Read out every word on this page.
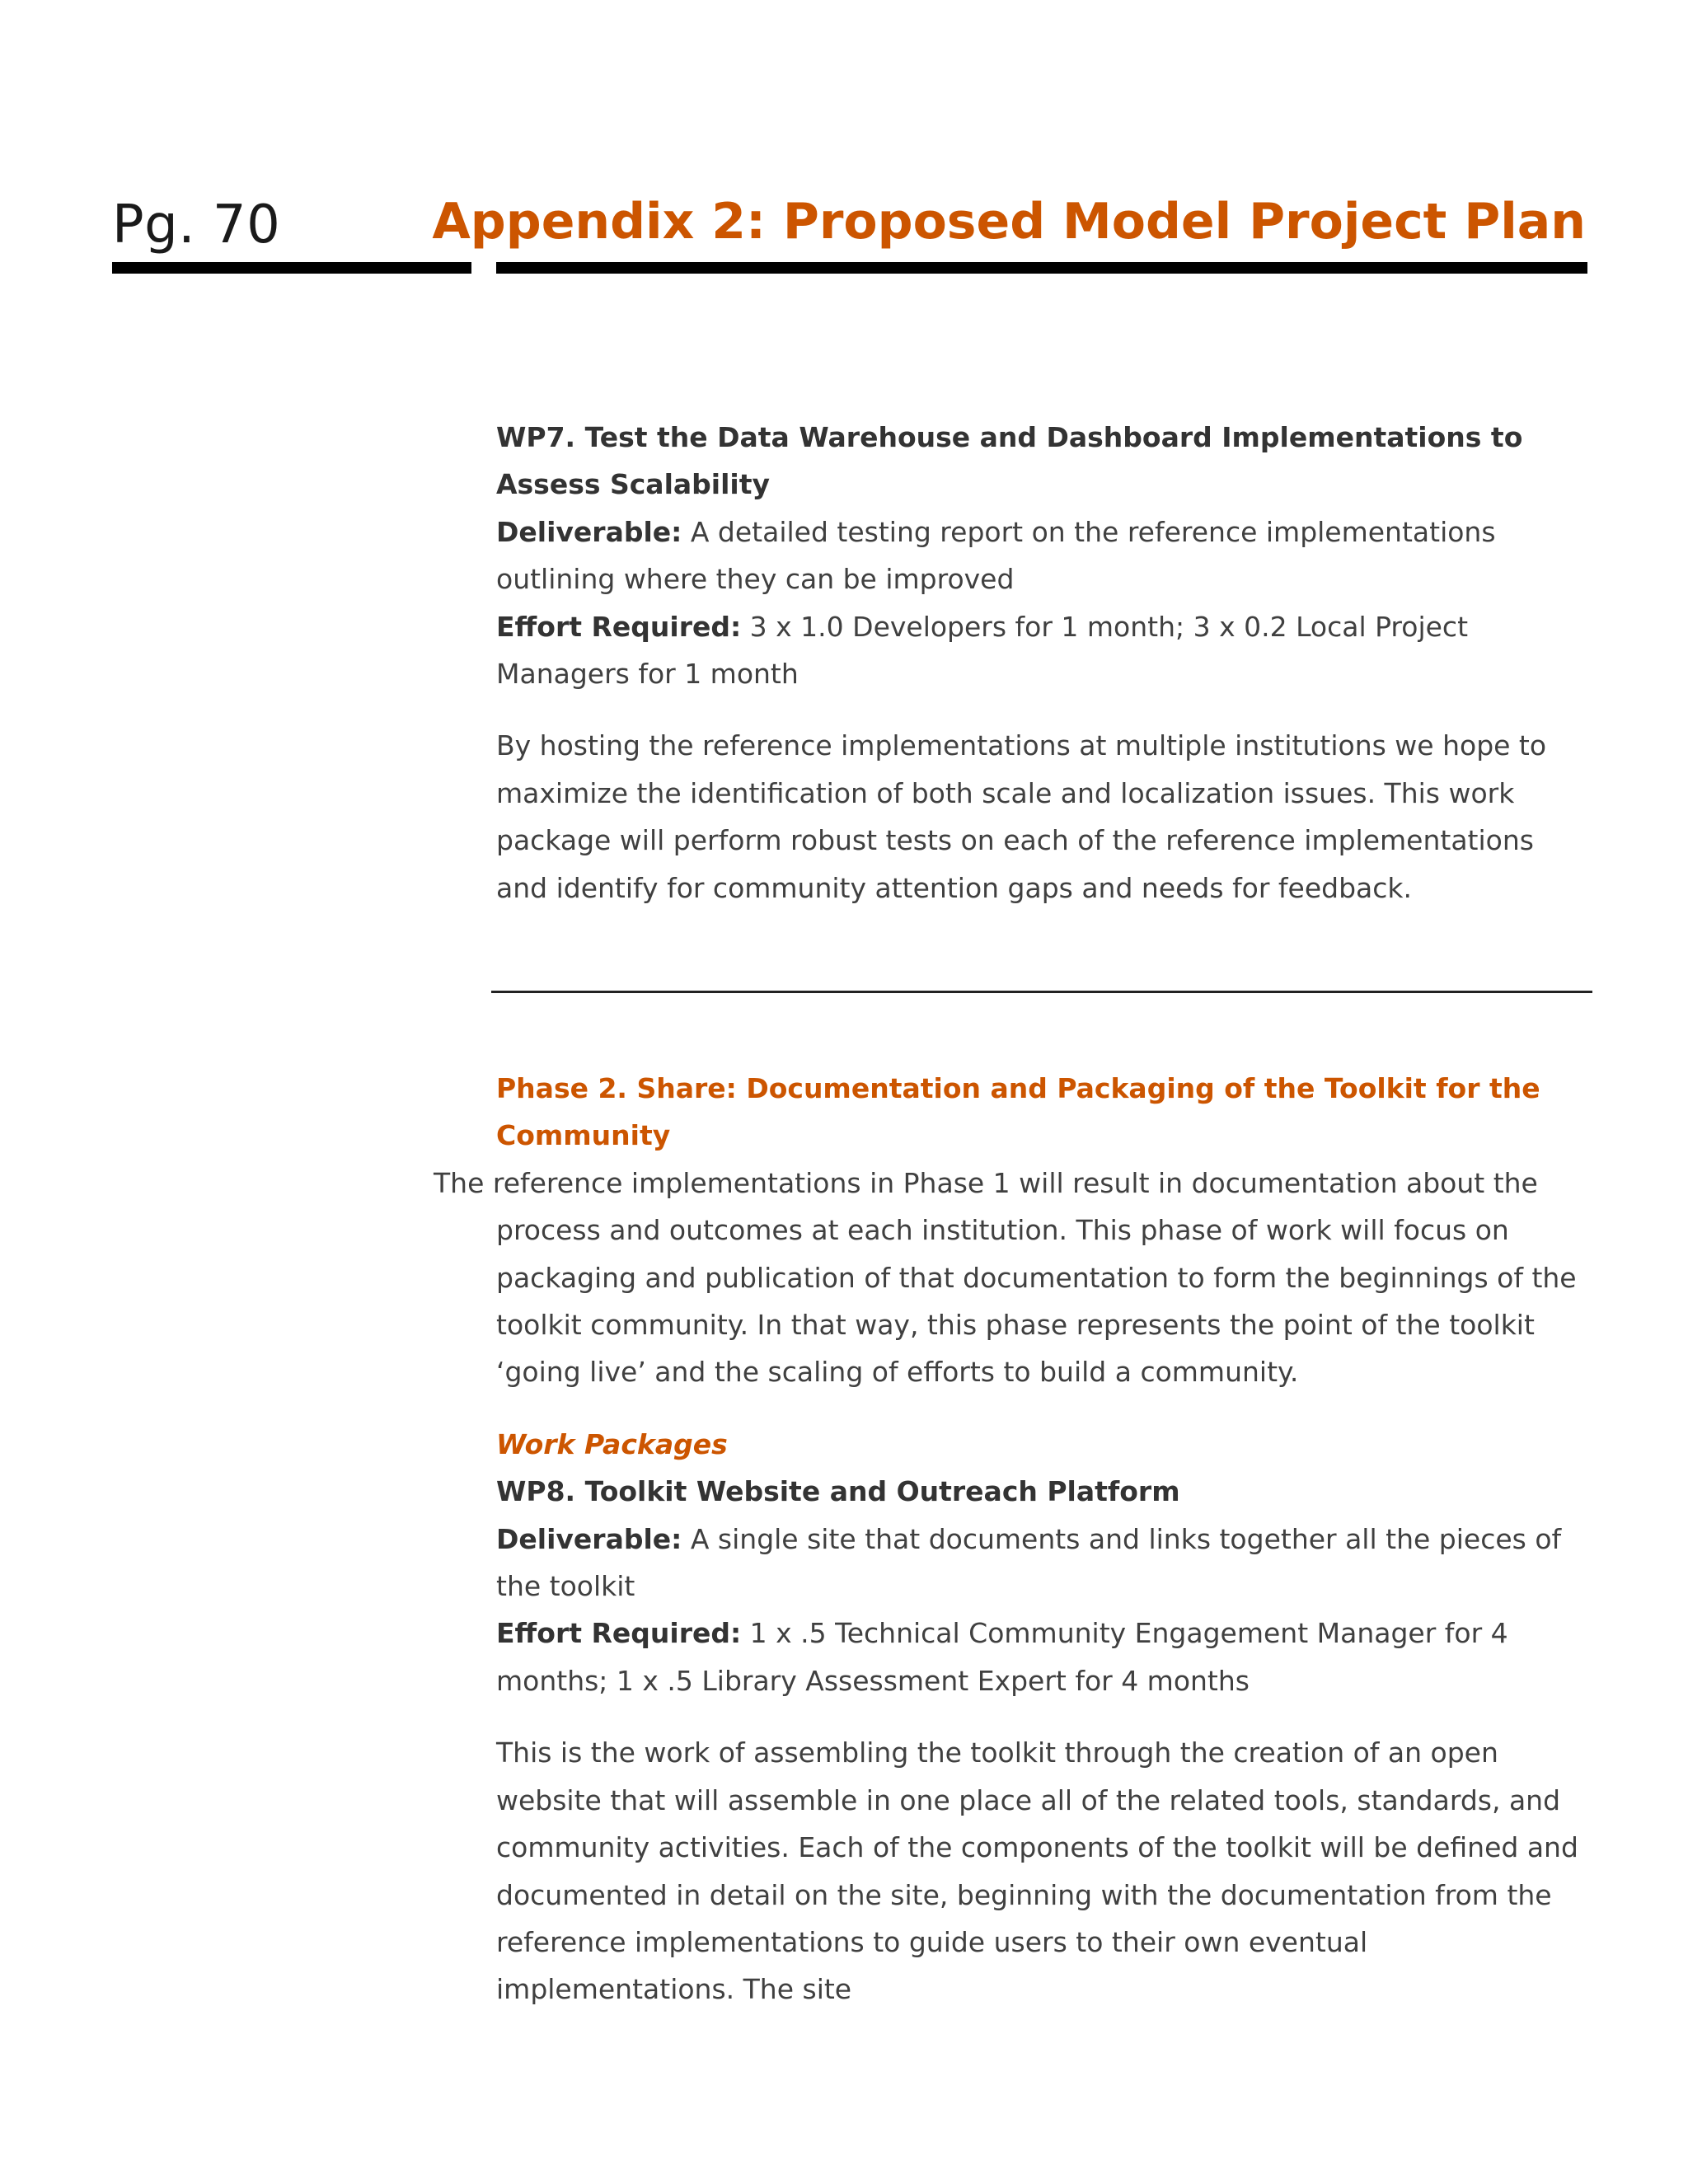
Pg. 70	Appendix 2: Proposed Model Project Plan

WP7. Test the Data Warehouse and Dashboard Implementations to Assess Scalability

Deliverable: A detailed testing report on the reference implementations outlining where they can be improved

Effort Required: 3 x 1.0 Developers for 1 month; 3 x 0.2 Local Project Managers for 1 month

By hosting the reference implementations at multiple institutions we hope to maximize the identification of both scale and localization issues. This work package will perform robust tests on each of the reference implementations and identify for community attention gaps and needs for feedback.

Phase 2. Share: Documentation and Packaging of the Toolkit for the Community

The reference implementations in Phase 1 will result in documentation about the process and outcomes at each institution. This phase of work will focus on packaging and publication of that documentation to form the beginnings of the toolkit community. In that way, this phase represents the point of the toolkit ‘going live’ and the scaling of efforts to build a community.

Work Packages

WP8. Toolkit Website and Outreach Platform

Deliverable: A single site that documents and links together all the pieces of the toolkit

Effort Required: 1 x .5 Technical Community Engagement Manager for 4 months; 1 x .5 Library Assessment Expert for 4 months

This is the work of assembling the toolkit through the creation of an open website that will assemble in one place all of the related tools, standards, and community activities. Each of the components of the toolkit will be defined and documented in detail on the site, beginning with the documentation from the reference implementations to guide users to their own eventual implementations. The site
